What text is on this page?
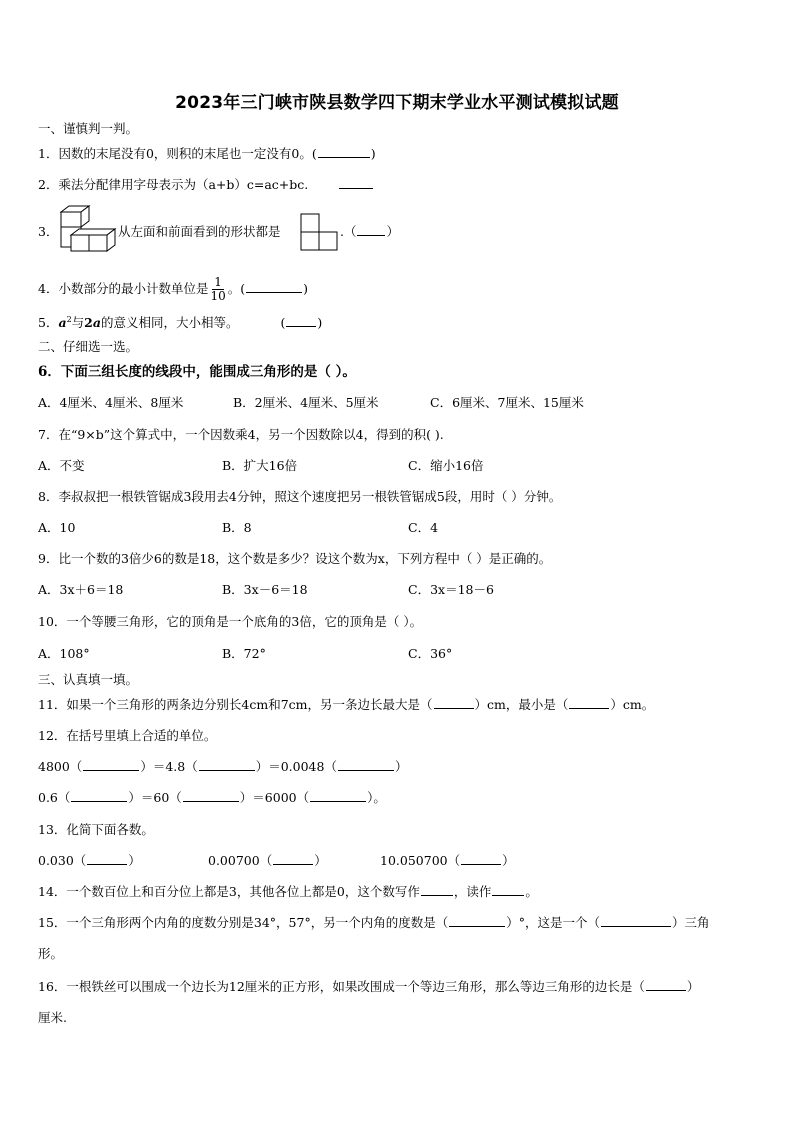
2023年三门峡市陕县数学四下期末学业水平测试模拟试题
一、谨慎判一判。
1．因数的末尾没有0，则积的末尾也一定没有0。(	)
2．乘法分配律用字母表示为（a+b）c=ac+bc.
3．	从左面和前面看到的形状都是	.（ ）
4．小数部分的最小计数单位是 $\frac{1}{10}$ 。(	)
5．$a^2$与2a的意义相同，大小相等。	(	)
二、仔细选一选。
6．下面三组长度的线段中，能围成三角形的是（ ）。
A．4厘米、4厘米、8厘米	B．2厘米、4厘米、5厘米	C．6厘米、7厘米、15厘米
7．在“9×b”这个算式中，一个因数乘4，另一个因数除以4，得到的积( ).
A．不变	B．扩大16倍	C．缩小16倍
8．李叔叔把一根铁管锯成3段用去4分钟，照这个速度把另一根铁管锯成5段，用时（ ）分钟。
A．10	B．8	C．4
9．比一个数的3倍少6的数是18，这个数是多少？设这个数为x，下列方程中（ ）是正确的。
A．3x＋6＝18	B．3x－6＝18	C．3x＝18－6
10．一个等腰三角形，它的顶角是一个底角的3倍，它的顶角是（ ）。
A．108°	B．72°	C．36°
三、认真填一填。
11．如果一个三角形的两条边分别长4cm和7cm，另一条边长最大是（	）cm，最小是（	）cm。
12．在括号里填上合适的单位。
4800（	）＝4.8（	）＝0.0048（	）
0.6（	）＝60（	）＝6000（	）。
13．化简下面各数。
0.030（	）	0.00700（	）	10.050700（	）
14．一个数百位上和百分位上都是3，其他各位上都是0，这个数写作	，读作	。
15．一个三角形两个内角的度数分别是34°，57°，另一个内角的度数是（	）°，这是一个（	）三角
形。
16．一根铁丝可以围成一个边长为12厘米的正方形，如果改围成一个等边三角形，那么等边三角形的边长是（	）
厘米.
